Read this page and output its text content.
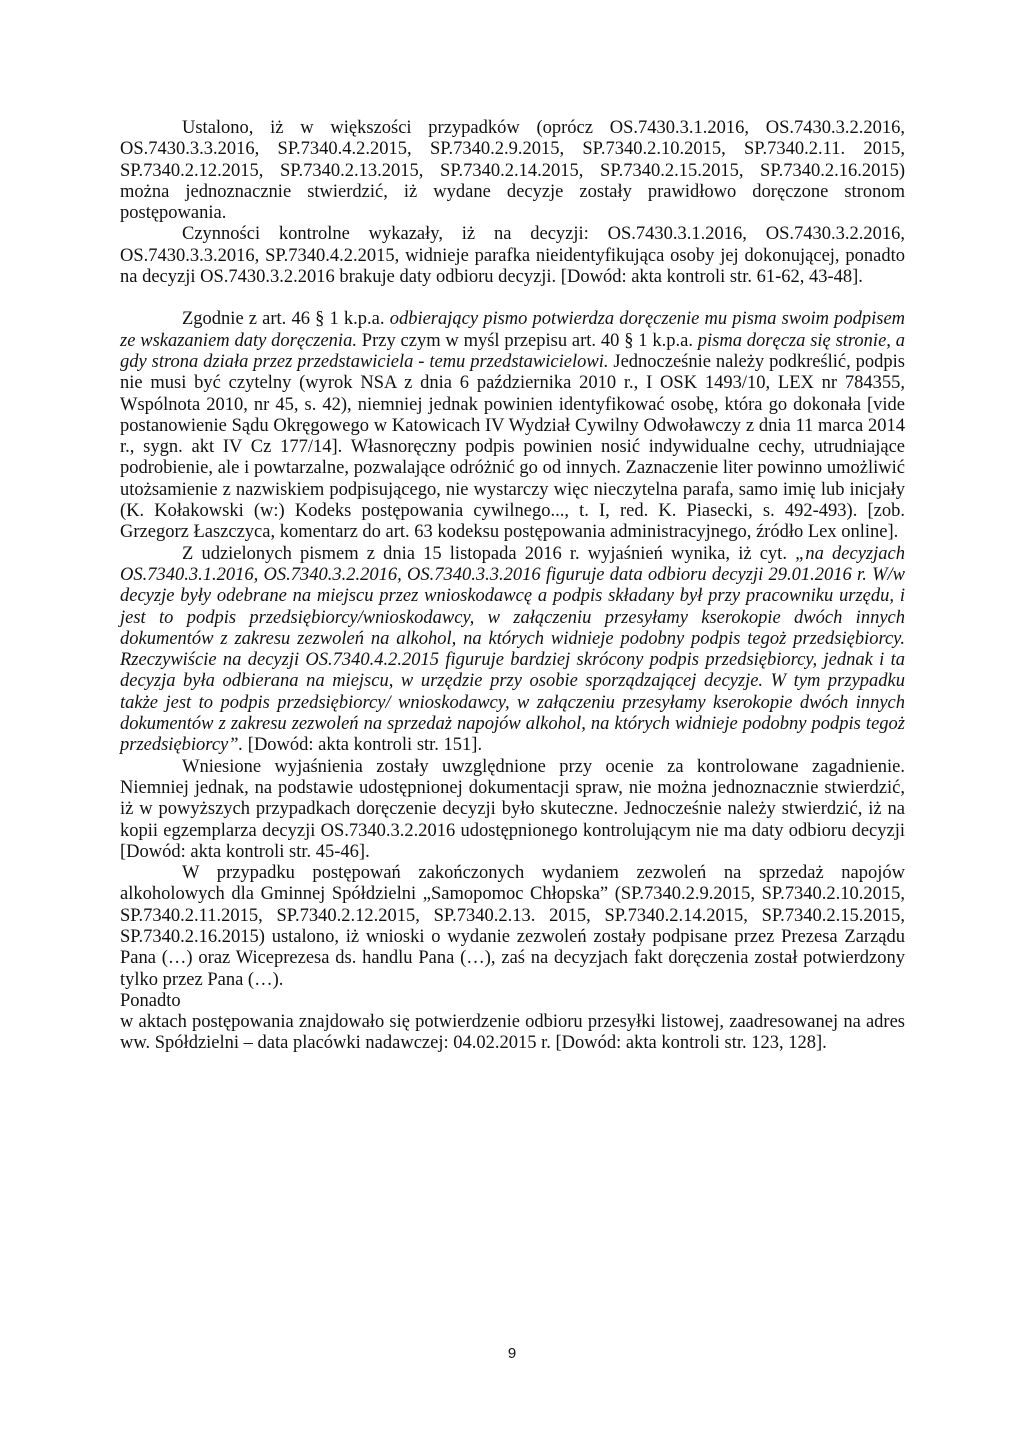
Ustalono, iż w większości przypadków (oprócz OS.7430.3.1.2016, OS.7430.3.2.2016, OS.7430.3.3.2016, SP.7340.4.2.2015, SP.7340.2.9.2015, SP.7340.2.10.2015, SP.7340.2.11. 2015, SP.7340.2.12.2015, SP.7340.2.13.2015, SP.7340.2.14.2015, SP.7340.2.15.2015, SP.7340.2.16.2015) można jednoznacznie stwierdzić, iż wydane decyzje zostały prawidłowo doręczone stronom postępowania.

Czynności kontrolne wykazały, iż na decyzji: OS.7430.3.1.2016, OS.7430.3.2.2016, OS.7430.3.3.2016, SP.7340.4.2.2015, widnieje parafka nieidentyfikująca osoby jej dokonującej, ponadto na decyzji OS.7430.3.2.2016 brakuje daty odbioru decyzji. [Dowód: akta kontroli str. 61-62, 43-48].

Zgodnie z art. 46 § 1 k.p.a. odbierający pismo potwierdza doręczenie mu pisma swoim podpisem ze wskazaniem daty doręczenia. Przy czym w myśl przepisu art. 40 § 1 k.p.a. pisma doręcza się stronie, a gdy strona działa przez przedstawiciela - temu przedstawicielowi. Jednocześnie należy podkreślić, podpis nie musi być czytelny (wyrok NSA z dnia 6 października 2010 r., I OSK 1493/10, LEX nr 784355, Wspólnota 2010, nr 45, s. 42), niemniej jednak powinien identyfikować osobę, która go dokonała [vide postanowienie Sądu Okręgowego w Katowicach IV Wydział Cywilny Odwoławczy z dnia 11 marca 2014 r., sygn. akt IV Cz 177/14]. Własnoręczny podpis powinien nosić indywidualne cechy, utrudniające podrobienie, ale i powtarzalne, pozwalające odróżnić go od innych. Zaznaczenie liter powinno umożliwić utożsamienie z nazwiskiem podpisującego, nie wystarczy więc nieczytelna parafa, samo imię lub inicjały (K. Kołakowski (w:) Kodeks postępowania cywilnego..., t. I, red. K. Piasecki, s. 492-493). [zob. Grzegorz Łaszczyca, komentarz do art. 63 kodeksu postępowania administracyjnego, źródło Lex online].

Z udzielonych pismem z dnia 15 listopada 2016 r. wyjaśnień wynika, iż cyt. „na decyzjach OS.7340.3.1.2016, OS.7340.3.2.2016, OS.7340.3.3.2016 figuruje data odbioru decyzji 29.01.2016 r. W/w decyzje były odebrane na miejscu przez wnioskodawcę a podpis składany był przy pracowniku urzędu, i jest to podpis przedsiębiorcy/wnioskodawcy, w załączeniu przesyłamy kserokopie dwóch innych dokumentów z zakresu zezwoleń na alkohol, na których widnieje podobny podpis tegoż przedsiębiorcy. Rzeczywiście na decyzji OS.7340.4.2.2015 figuruje bardziej skrócony podpis przedsiębiorcy, jednak i ta decyzja była odbierana na miejscu, w urzędzie przy osobie sporządzającej decyzje. W tym przypadku także jest to podpis przedsiębiorcy/ wnioskodawcy, w załączeniu przesyłamy kserokopie dwóch innych dokumentów z zakresu zezwoleń na sprzedaż napojów alkohol, na których widnieje podobny podpis tegoż przedsiębiorcy”. [Dowód: akta kontroli str. 151].

Wniesione wyjaśnienia zostały uwzględnione przy ocenie za kontrolowane zagadnienie. Niemniej jednak, na podstawie udostępnionej dokumentacji spraw, nie można jednoznacznie stwierdzić, iż w powyższych przypadkach doręczenie decyzji było skuteczne. Jednocześnie należy stwierdzić, iż na kopii egzemplarza decyzji OS.7340.3.2.2016 udostępnionego kontrolującym nie ma daty odbioru decyzji [Dowód: akta kontroli str. 45-46].

W przypadku postępowań zakończonych wydaniem zezwoleń na sprzedaż napojów alkoholowych dla Gminnej Spółdzielni „Samopomoc Chłopska” (SP.7340.2.9.2015, SP.7340.2.10.2015, SP.7340.2.11.2015, SP.7340.2.12.2015, SP.7340.2.13. 2015, SP.7340.2.14.2015, SP.7340.2.15.2015, SP.7340.2.16.2015) ustalono, iż wnioski o wydanie zezwoleń zostały podpisane przez Prezesa Zarządu Pana (…) oraz Wiceprezesa ds. handlu Pana (…), zaś na decyzjach fakt doręczenia został potwierdzony tylko przez Pana (…).

Ponadto

w aktach postępowania znajdowało się potwierdzenie odbioru przesyłki listowej, zaadresowanej na adres ww. Spółdzielni – data placówki nadawczej: 04.02.2015 r. [Dowód: akta kontroli str. 123, 128].

9
